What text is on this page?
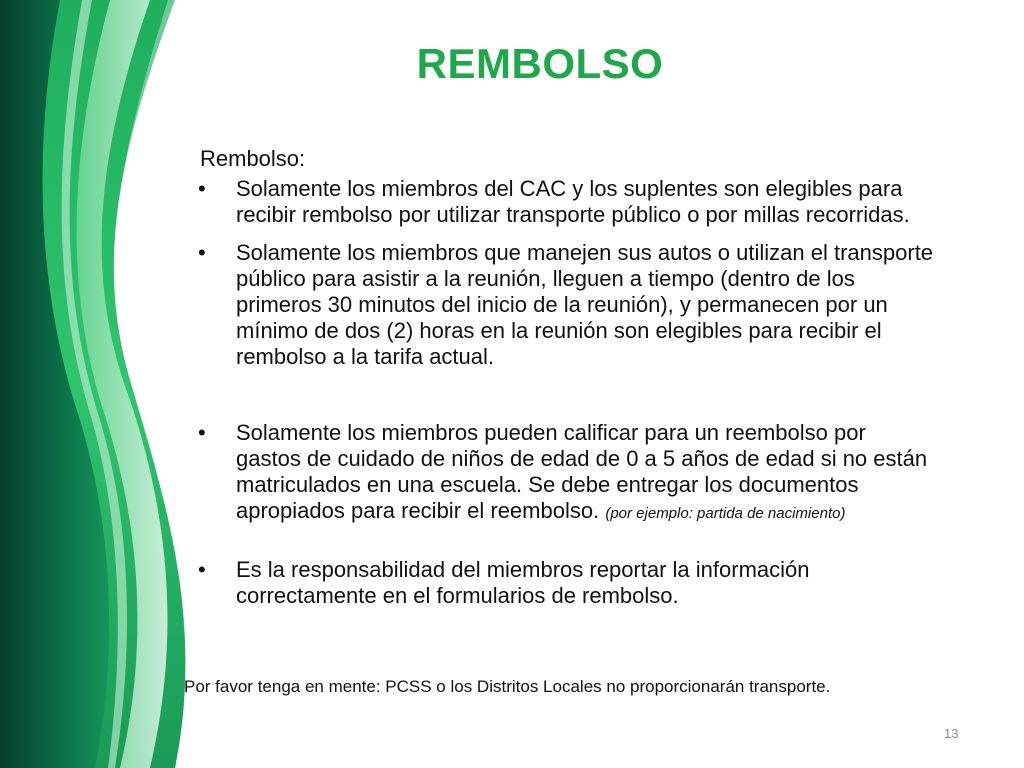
REMBOLSO
Rembolso:
• Solamente los miembros del CAC y los suplentes son elegibles para recibir rembolso por utilizar transporte público o por millas recorridas.
• Solamente los miembros que manejen sus autos o utilizan el transporte público para asistir a la reunión, lleguen a tiempo (dentro de los primeros 30 minutos del inicio de la reunión), y permanecen por un mínimo de dos (2) horas en la reunión son elegibles para recibir el rembolso a la tarifa actual.
• Solamente los miembros pueden calificar para un reembolso por gastos de cuidado de niños de edad de 0 a 5 años de edad si no están matriculados en una escuela. Se debe entregar los documentos apropiados para recibir el reembolso. (por ejemplo: partida de nacimiento)
• Es la responsabilidad del miembros reportar la información correctamente en el formularios de rembolso.
Por favor tenga en mente: PCSS o los Distritos Locales no proporcionarán transporte.
13
